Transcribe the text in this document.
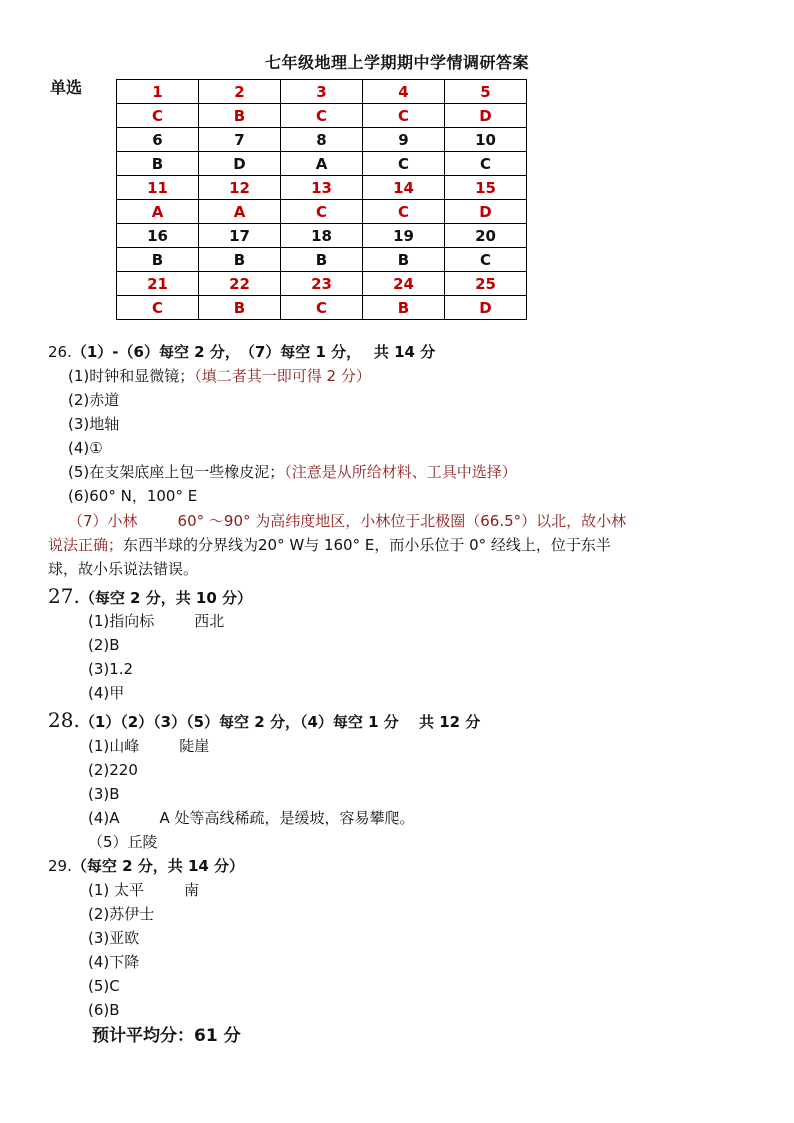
七年级地理上学期期中学情调研答案
单选	1	2	3	4	5
C	B	C	C	D
6	7	8	9	10
B	D	A	C	C
11	12	13	14	15
A	A	C	C	D
16	17	18	19	20
B	B	B	B	C
21	22	23	24	25
C	B	C	B	D
26.（1）-（6）每空 2 分，　（7）每空 1 分，　 共 14 分
(1)时钟和显微镜；（填二者其一即可得 2 分）
(2)赤道
(3)地轴
(4)①
(5)在支架底座上包一些橡皮泥；（注意是从所给材料、工具中选择）
(6)60° N，100° E
（7）小林	60° ～90° 为高纬度地区，小林位于北极圈（66.5°）以北，故小林
说法正确；东西半球的分界线为20° W与 160° E，而小乐位于 0° 经线上，位于东半
球，故小乐说法错误。
27.（每空 2 分，共 10 分）
(1)指向标	西北
(2)B
(3)1.2
(4)甲
28.（1）（2）（3）（5）每空 2 分，（4）每空 1 分　 共 12 分
(1)山峰	陡崖
(2)220
(3)B
(4)A	A 处等高线稀疏，是缓坡，容易攀爬。
（5）丘陵
29.（每空 2 分，共 14 分）
(1) 太平	南
(2)苏伊士
(3)亚欧
(4)下降
(5)C
(6)B
预计平均分：61 分
